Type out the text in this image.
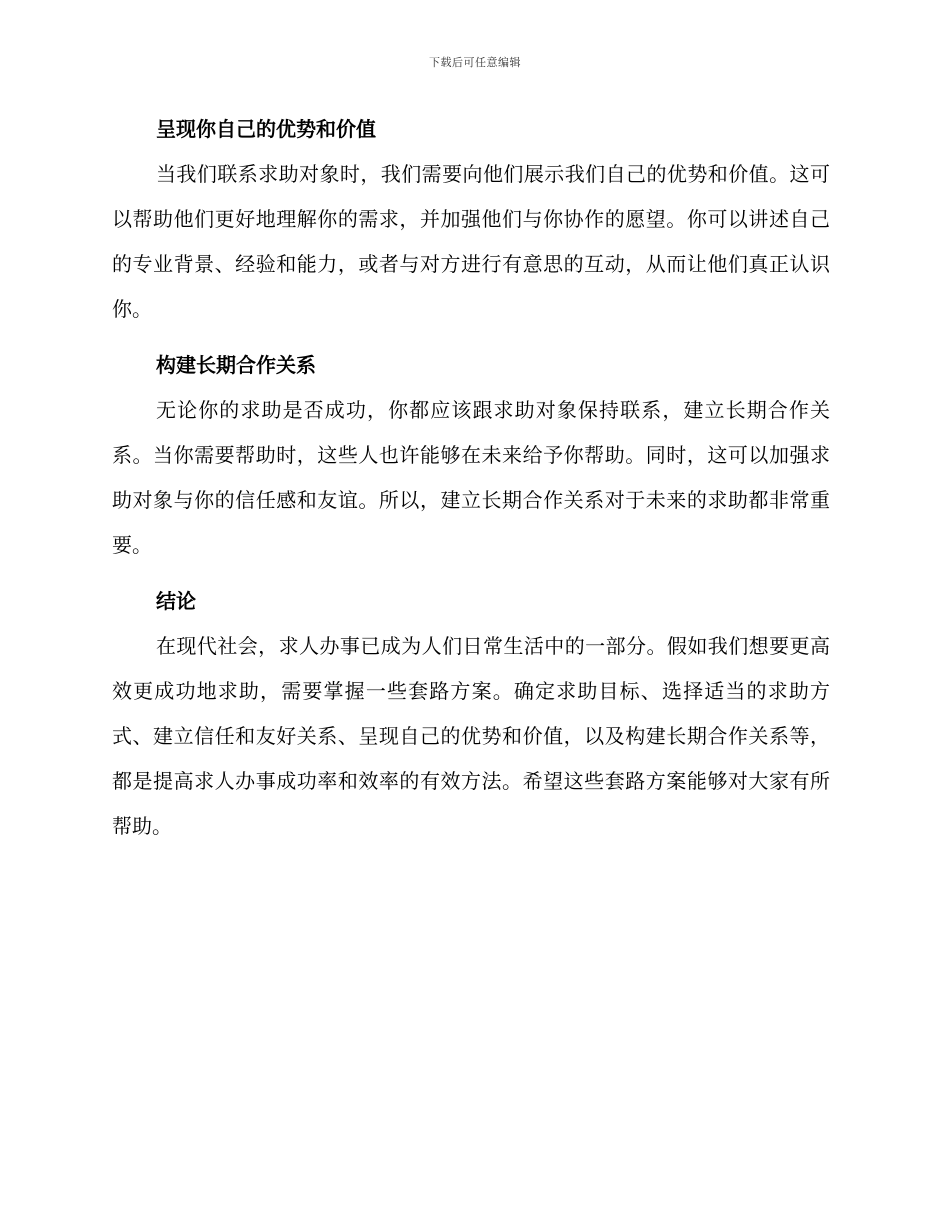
下载后可任意编辑
呈现你自己的优势和价值

当我们联系求助对象时，我们需要向他们展示我们自己的优势和价值。这可以帮助他们更好地理解你的需求，并加强他们与你协作的愿望。你可以讲述自己的专业背景、经验和能力，或者与对方进行有意思的互动，从而让他们真正认识你。

构建长期合作关系

无论你的求助是否成功，你都应该跟求助对象保持联系，建立长期合作关系。当你需要帮助时，这些人也许能够在未来给予你帮助。同时，这可以加强求助对象与你的信任感和友谊。所以，建立长期合作关系对于未来的求助都非常重要。

结论

在现代社会，求人办事已成为人们日常生活中的一部分。假如我们想要更高效更成功地求助，需要掌握一些套路方案。确定求助目标、选择适当的求助方式、建立信任和友好关系、呈现自己的优势和价值，以及构建长期合作关系等，都是提高求人办事成功率和效率的有效方法。希望这些套路方案能够对大家有所帮助。
